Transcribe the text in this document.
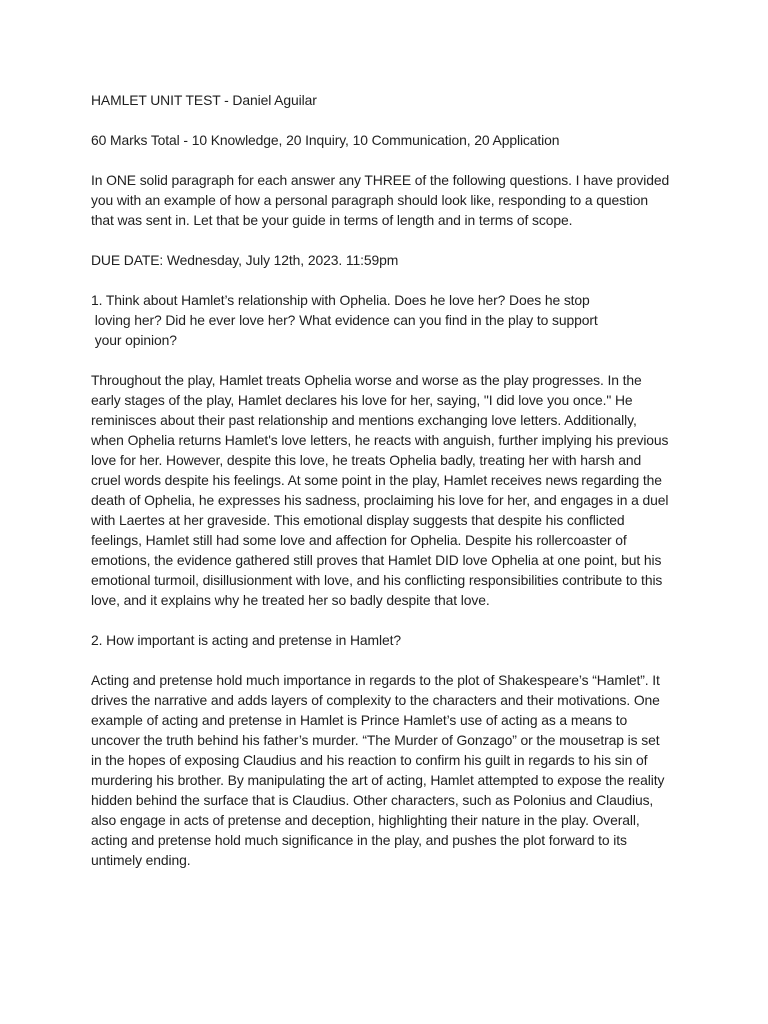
HAMLET UNIT TEST - Daniel Aguilar

60 Marks Total - 10 Knowledge, 20 Inquiry, 10 Communication, 20 Application

In ONE solid paragraph for each answer any THREE of the following questions. I have provided
you with an example of how a personal paragraph should look like, responding to a question
that was sent in. Let that be your guide in terms of length and in terms of scope.

DUE DATE: Wednesday, July 12th, 2023. 11:59pm

1. Think about Hamlet’s relationship with Ophelia. Does he love her? Does he stop
loving her? Did he ever love her? What evidence can you find in the play to support
your opinion?

Throughout the play, Hamlet treats Ophelia worse and worse as the play progresses. In the
early stages of the play, Hamlet declares his love for her, saying, "I did love you once." He
reminisces about their past relationship and mentions exchanging love letters. Additionally,
when Ophelia returns Hamlet's love letters, he reacts with anguish, further implying his previous
love for her. However, despite this love, he treats Ophelia badly, treating her with harsh and
cruel words despite his feelings. At some point in the play, Hamlet receives news regarding the
death of Ophelia, he expresses his sadness, proclaiming his love for her, and engages in a duel
with Laertes at her graveside. This emotional display suggests that despite his conflicted
feelings, Hamlet still had some love and affection for Ophelia. Despite his rollercoaster of
emotions, the evidence gathered still proves that Hamlet DID love Ophelia at one point, but his
emotional turmoil, disillusionment with love, and his conflicting responsibilities contribute to this
love, and it explains why he treated her so badly despite that love.

2. How important is acting and pretense in Hamlet?

Acting and pretense hold much importance in regards to the plot of Shakespeare’s “Hamlet”. It
drives the narrative and adds layers of complexity to the characters and their motivations. One
example of acting and pretense in Hamlet is Prince Hamlet’s use of acting as a means to
uncover the truth behind his father’s murder. “The Murder of Gonzago” or the mousetrap is set
in the hopes of exposing Claudius and his reaction to confirm his guilt in regards to his sin of
murdering his brother. By manipulating the art of acting, Hamlet attempted to expose the reality
hidden behind the surface that is Claudius. Other characters, such as Polonius and Claudius,
also engage in acts of pretense and deception, highlighting their nature in the play. Overall,
acting and pretense hold much significance in the play, and pushes the plot forward to its
untimely ending.
